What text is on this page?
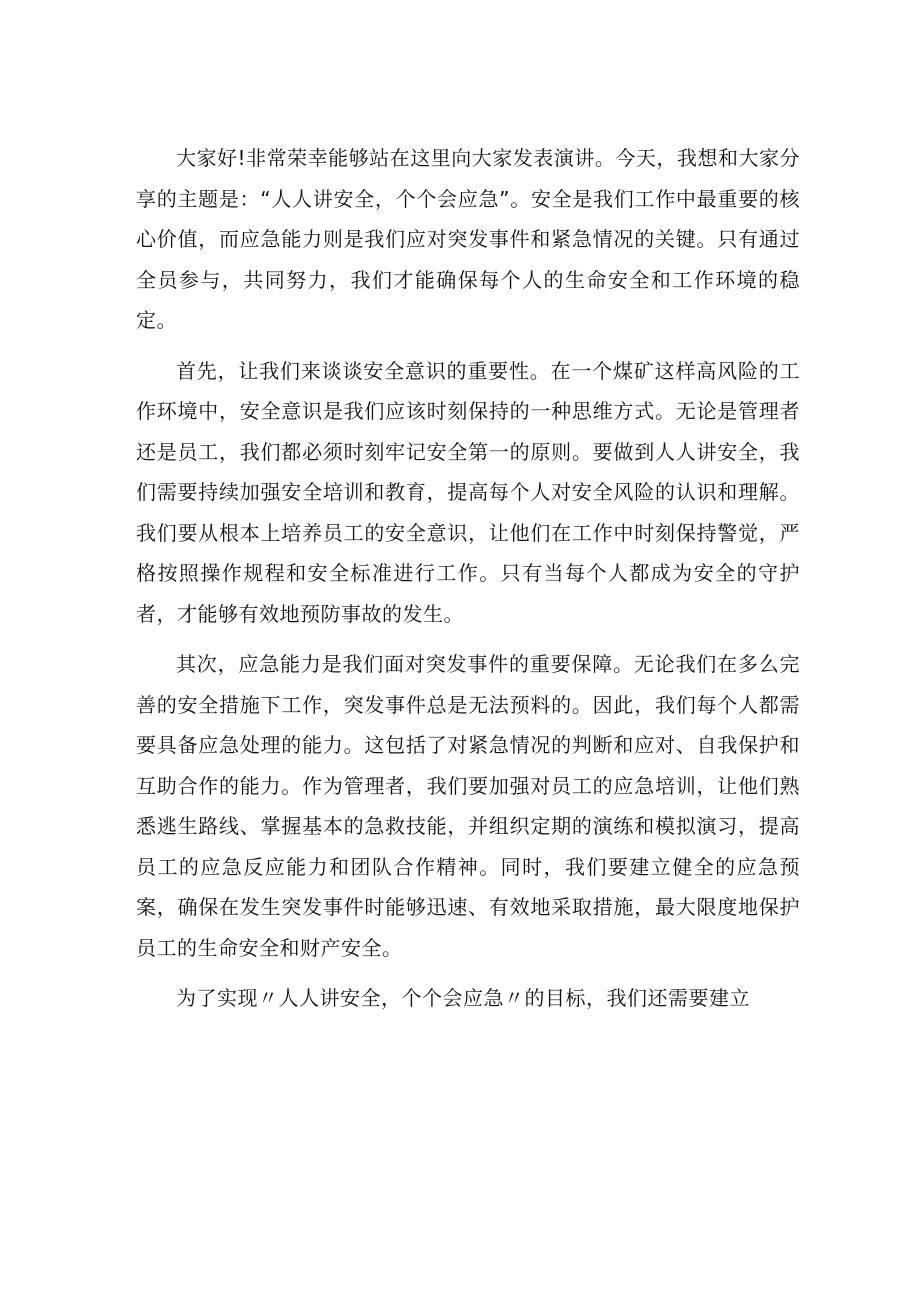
大家好!非常荣幸能够站在这里向大家发表演讲。今天，我想和大家分享的主题是：“人人讲安全，个个会应急”。安全是我们工作中最重要的核心价值，而应急能力则是我们应对突发事件和紧急情况的关键。只有通过全员参与，共同努力，我们才能确保每个人的生命安全和工作环境的稳定。

首先，让我们来谈谈安全意识的重要性。在一个煤矿这样高风险的工作环境中，安全意识是我们应该时刻保持的一种思维方式。无论是管理者还是员工，我们都必须时刻牢记安全第一的原则。要做到人人讲安全，我们需要持续加强安全培训和教育，提高每个人对安全风险的认识和理解。我们要从根本上培养员工的安全意识，让他们在工作中时刻保持警觉，严格按照操作规程和安全标准进行工作。只有当每个人都成为安全的守护者，才能够有效地预防事故的发生。

其次，应急能力是我们面对突发事件的重要保障。无论我们在多么完善的安全措施下工作，突发事件总是无法预料的。因此，我们每个人都需要具备应急处理的能力。这包括了对紧急情况的判断和应对、自我保护和互助合作的能力。作为管理者，我们要加强对员工的应急培训，让他们熟悉逃生路线、掌握基本的急救技能，并组织定期的演练和模拟演习，提高员工的应急反应能力和团队合作精神。同时，我们要建立健全的应急预案，确保在发生突发事件时能够迅速、有效地采取措施，最大限度地保护员工的生命安全和财产安全。

为了实现〃人人讲安全，个个会应急〃的目标，我们还需要建立
